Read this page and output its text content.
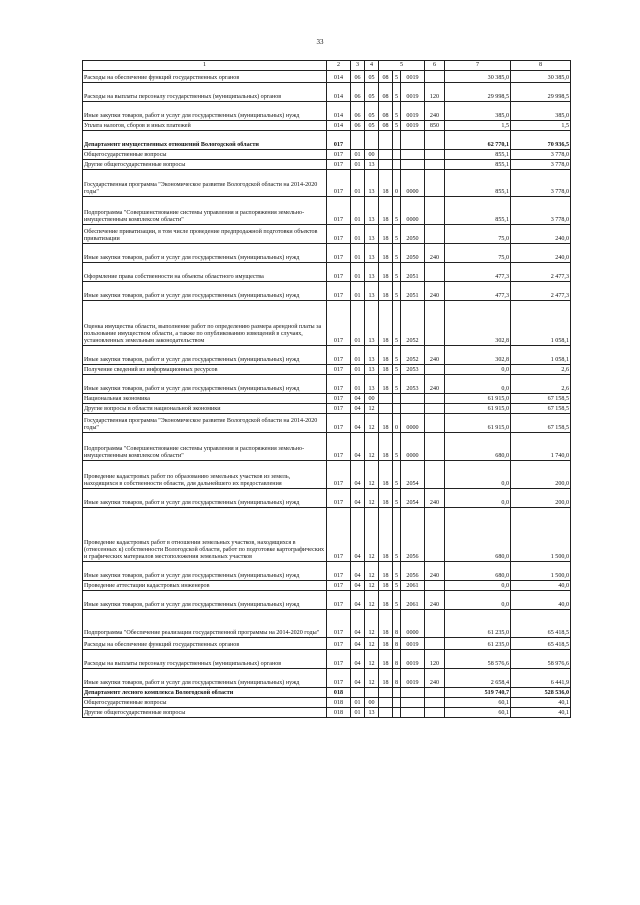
33
1	2	3	4	5			6	7	8
Расходы на обеспечение функций государственных органов	014	06	05	08	5	0019		30 385,0	30 385,0
Расходы на выплаты персоналу государственных (муниципальных) органов	014	06	05	08	5	0019	120	29 998,5	29 998,5
Иные закупки товаров, работ и услуг для государственных (муниципальных) нужд	014	06	05	08	5	0019	240	385,0	385,0
Уплата налогов, сборов и иных платежей	014	06	05	08	5	0019	850	1,5	1,5
Департамент имущественных отношений Вологодской области	017							62 770,1	70 936,5
Общегосударственные вопросы	017	01	00					855,1	3 778,0
Другие общегосударственные вопросы	017	01	13					855,1	3 778,0
Государственная программа "Экономическое развитие Вологодской области на 2014-2020 годы"	017	01	13	18	0	0000		855,1	3 778,0
Подпрограмма "Совершенствование системы управления и распоряжения земельно-имущественным комплексом области"	017	01	13	18	5	0000		855,1	3 778,0
Обеспечение приватизации, в том числе проведение предпродажной подготовки объектов приватизации	017	01	13	18	5	2050		75,0	240,0
Иные закупки товаров, работ и услуг для государственных (муниципальных) нужд	017	01	13	18	5	2050	240	75,0	240,0
Оформление права собственности на объекты областного имущества	017	01	13	18	5	2051		477,3	2 477,3
Иные закупки товаров, работ и услуг для государственных (муниципальных) нужд	017	01	13	18	5	2051	240	477,3	2 477,3
Оценка имущества области, выполнение работ по определению размера арендной платы за пользование имуществом области, а также по опубликованию извещений в случаях, установленных земельным законодательством	017	01	13	18	5	2052		302,8	1 058,1
Иные закупки товаров, работ и услуг для государственных (муниципальных) нужд	017	01	13	18	5	2052	240	302,8	1 058,1
Получение сведений из информационных ресурсов	017	01	13	18	5	2053		0,0	2,6
Иные закупки товаров, работ и услуг для государственных (муниципальных) нужд	017	01	13	18	5	2053	240	0,0	2,6
Национальная экономика	017	04	00					61 915,0	67 158,5
Другие вопросы в области национальной экономики	017	04	12					61 915,0	67 158,5
Государственная программа "Экономическое развитие Вологодской области на 2014-2020 годы"	017	04	12	18	0	0000		61 915,0	67 158,5
Подпрограмма "Совершенствование системы управления и распоряжения земельно-имущественным комплексом области"	017	04	12	18	5	0000		680,0	1 740,0
Проведение кадастровых работ по образованию земельных участков из земель, находящихся в собственности области, для дальнейшего их предоставления	017	04	12	18	5	2054		0,0	200,0
Иные закупки товаров, работ и услуг для государственных (муниципальных) нужд	017	04	12	18	5	2054	240	0,0	200,0
Проведение кадастровых работ в отношении земельных участков, находящихся в (отнесенных к) собственности Вологодской области, работ по подготовке картографических и графических материалов местоположения земельных участков	017	04	12	18	5	2056		680,0	1 500,0
Иные закупки товаров, работ и услуг для государственных (муниципальных) нужд	017	04	12	18	5	2056	240	680,0	1 500,0
Проведение аттестации кадастровых инженеров	017	04	12	18	5	2061		0,0	40,0
Иные закупки товаров, работ и услуг для государственных (муниципальных) нужд	017	04	12	18	5	2061	240	0,0	40,0
Подпрограмма "Обеспечение реализации государственной программы на 2014-2020 годы"	017	04	12	18	8	0000		61 235,0	65 418,5
Расходы на обеспечение функций государственных органов	017	04	12	18	8	0019		61 235,0	65 418,5
Расходы на выплаты персоналу государственных (муниципальных) органов	017	04	12	18	8	0019	120	58 576,6	58 976,6
Иные закупки товаров, работ и услуг для государственных (муниципальных) нужд	017	04	12	18	8	0019	240	2 658,4	6 441,9
Департамент лесного комплекса Вологодской области	018							519 740,7	528 536,0
Общегосударственные вопросы	018	01	00					60,1	40,1
Другие общегосударственные вопросы	018	01	13					60,1	40,1
